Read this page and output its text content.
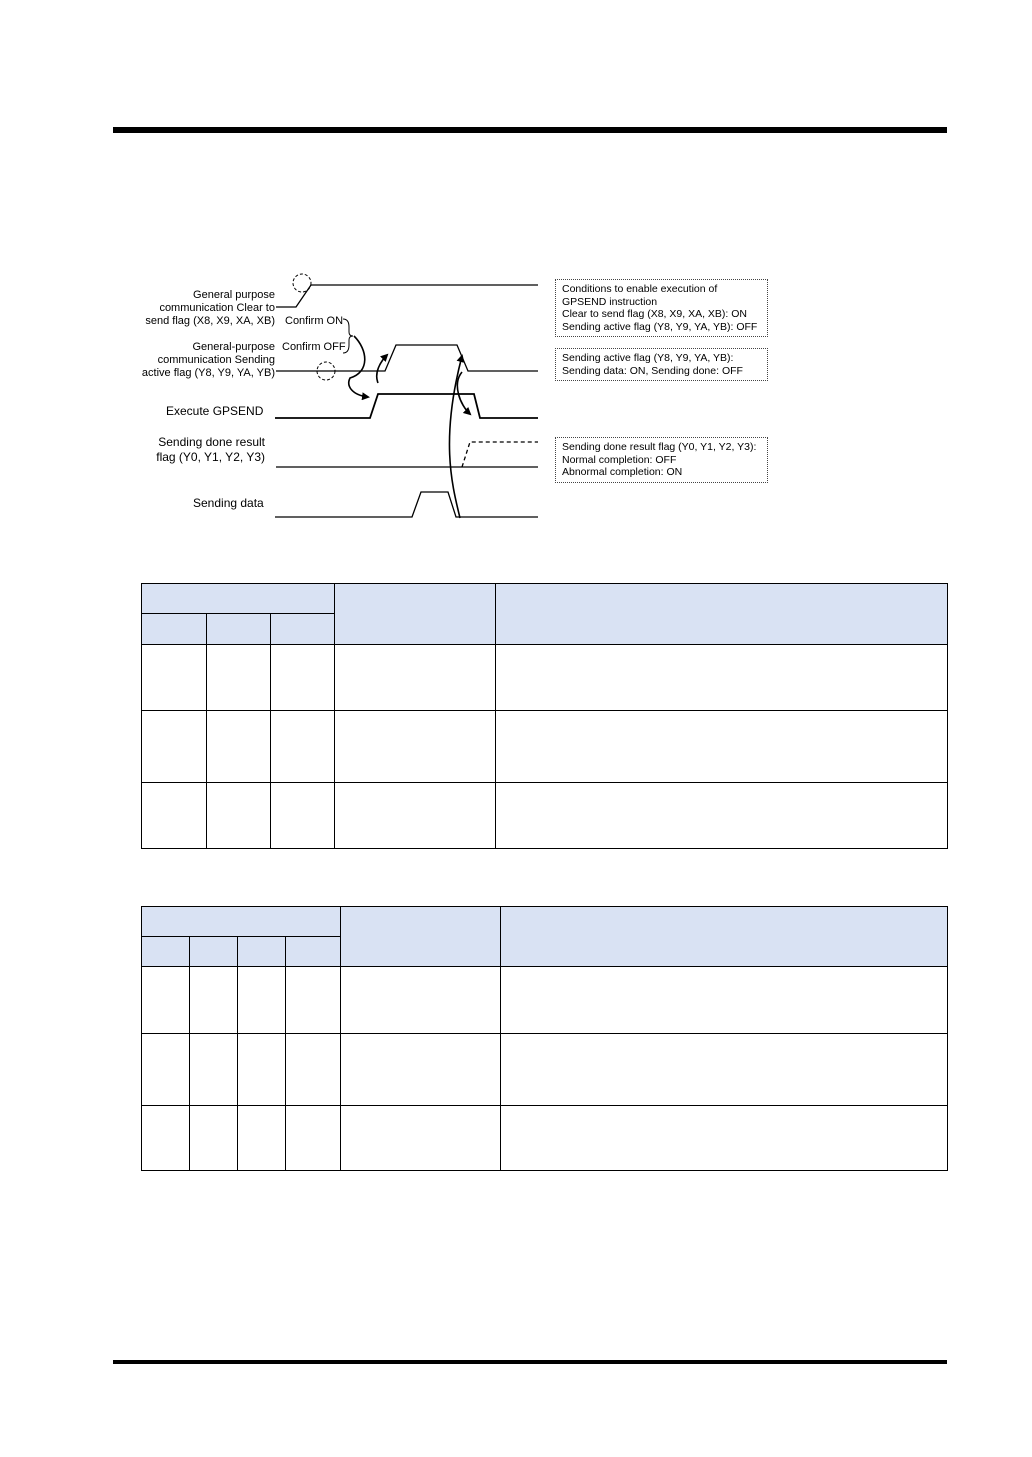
General purpose
communication Clear to
send flag (X8, X9, XA, XB)
General-purpose
communication Sending
active flag (Y8, Y9, YA, YB)
Execute GPSEND
Sending done result
flag (Y0, Y1, Y2, Y3)
Sending data
Confirm ON
Confirm OFF
Conditions to enable execution of
GPSEND instruction
Clear to send flag (X8, X9, XA, XB): ON
Sending active flag (Y8, Y9, YA, YB): OFF
Sending active flag (Y8, Y9, YA, YB):
Sending data: ON, Sending done: OFF
Sending done result flag (Y0, Y1, Y2, Y3):
Normal completion: OFF
Abnormal completion: ON
